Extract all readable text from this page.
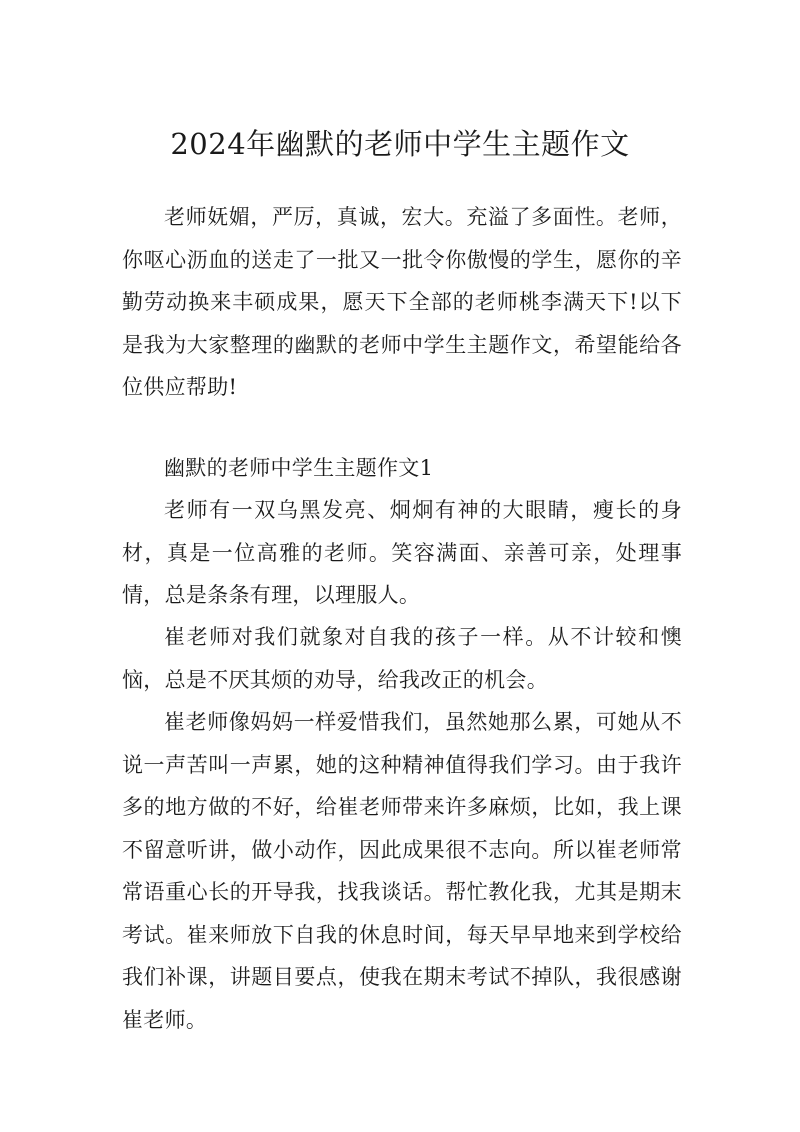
2024年幽默的老师中学生主题作文

老师妩媚，严厉，真诚，宏大。充溢了多面性。老师，你呕心沥血的送走了一批又一批令你傲慢的学生，愿你的辛勤劳动换来丰硕成果，愿天下全部的老师桃李满天下!以下是我为大家整理的幽默的老师中学生主题作文，希望能给各位供应帮助!

幽默的老师中学生主题作文1

老师有一双乌黑发亮、炯炯有神的大眼睛，瘦长的身材，真是一位高雅的老师。笑容满面、亲善可亲，处理事情，总是条条有理，以理服人。

崔老师对我们就象对自我的孩子一样。从不计较和懊恼，总是不厌其烦的劝导，给我改正的机会。

崔老师像妈妈一样爱惜我们，虽然她那么累，可她从不说一声苦叫一声累，她的这种精神值得我们学习。由于我许多的地方做的不好，给崔老师带来许多麻烦，比如，我上课不留意听讲，做小动作，因此成果很不志向。所以崔老师常常语重心长的开导我，找我谈话。帮忙教化我，尤其是期末考试。崔来师放下自我的休息时间，每天早早地来到学校给我们补课，讲题目要点，使我在期末考试不掉队，我很感谢崔老师。
